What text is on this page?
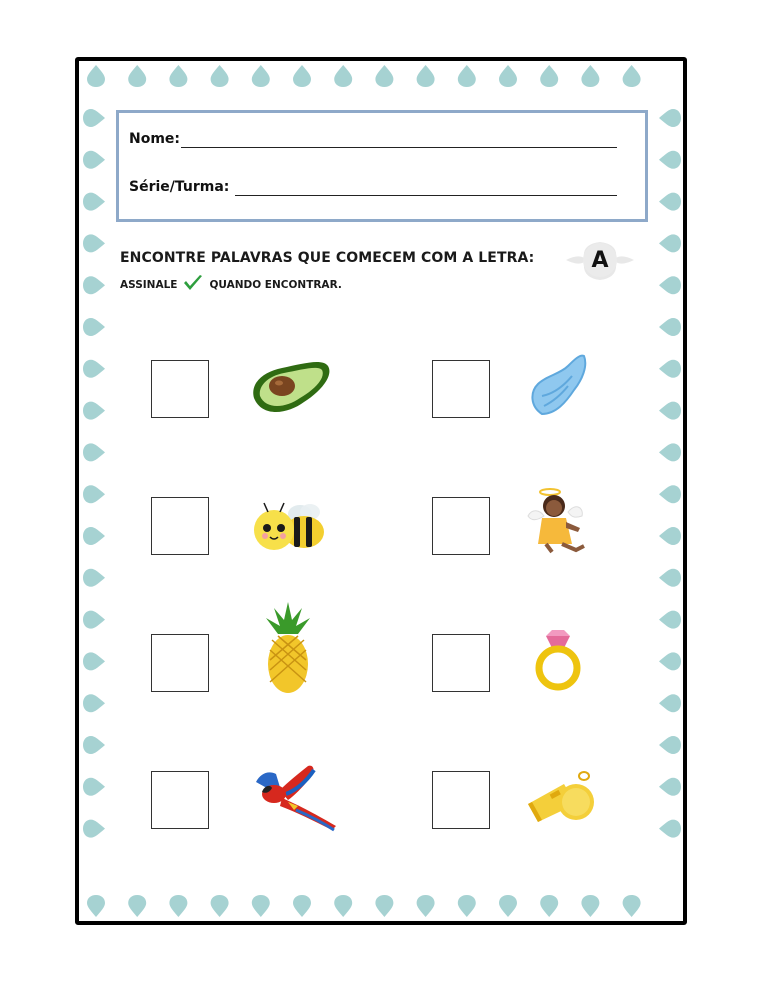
Nome:
Série/Turma:
ENCONTRE PALAVRAS QUE COMECEM COM A LETRA:
ASSINALE	QUANDO ENCONTRAR.
A
